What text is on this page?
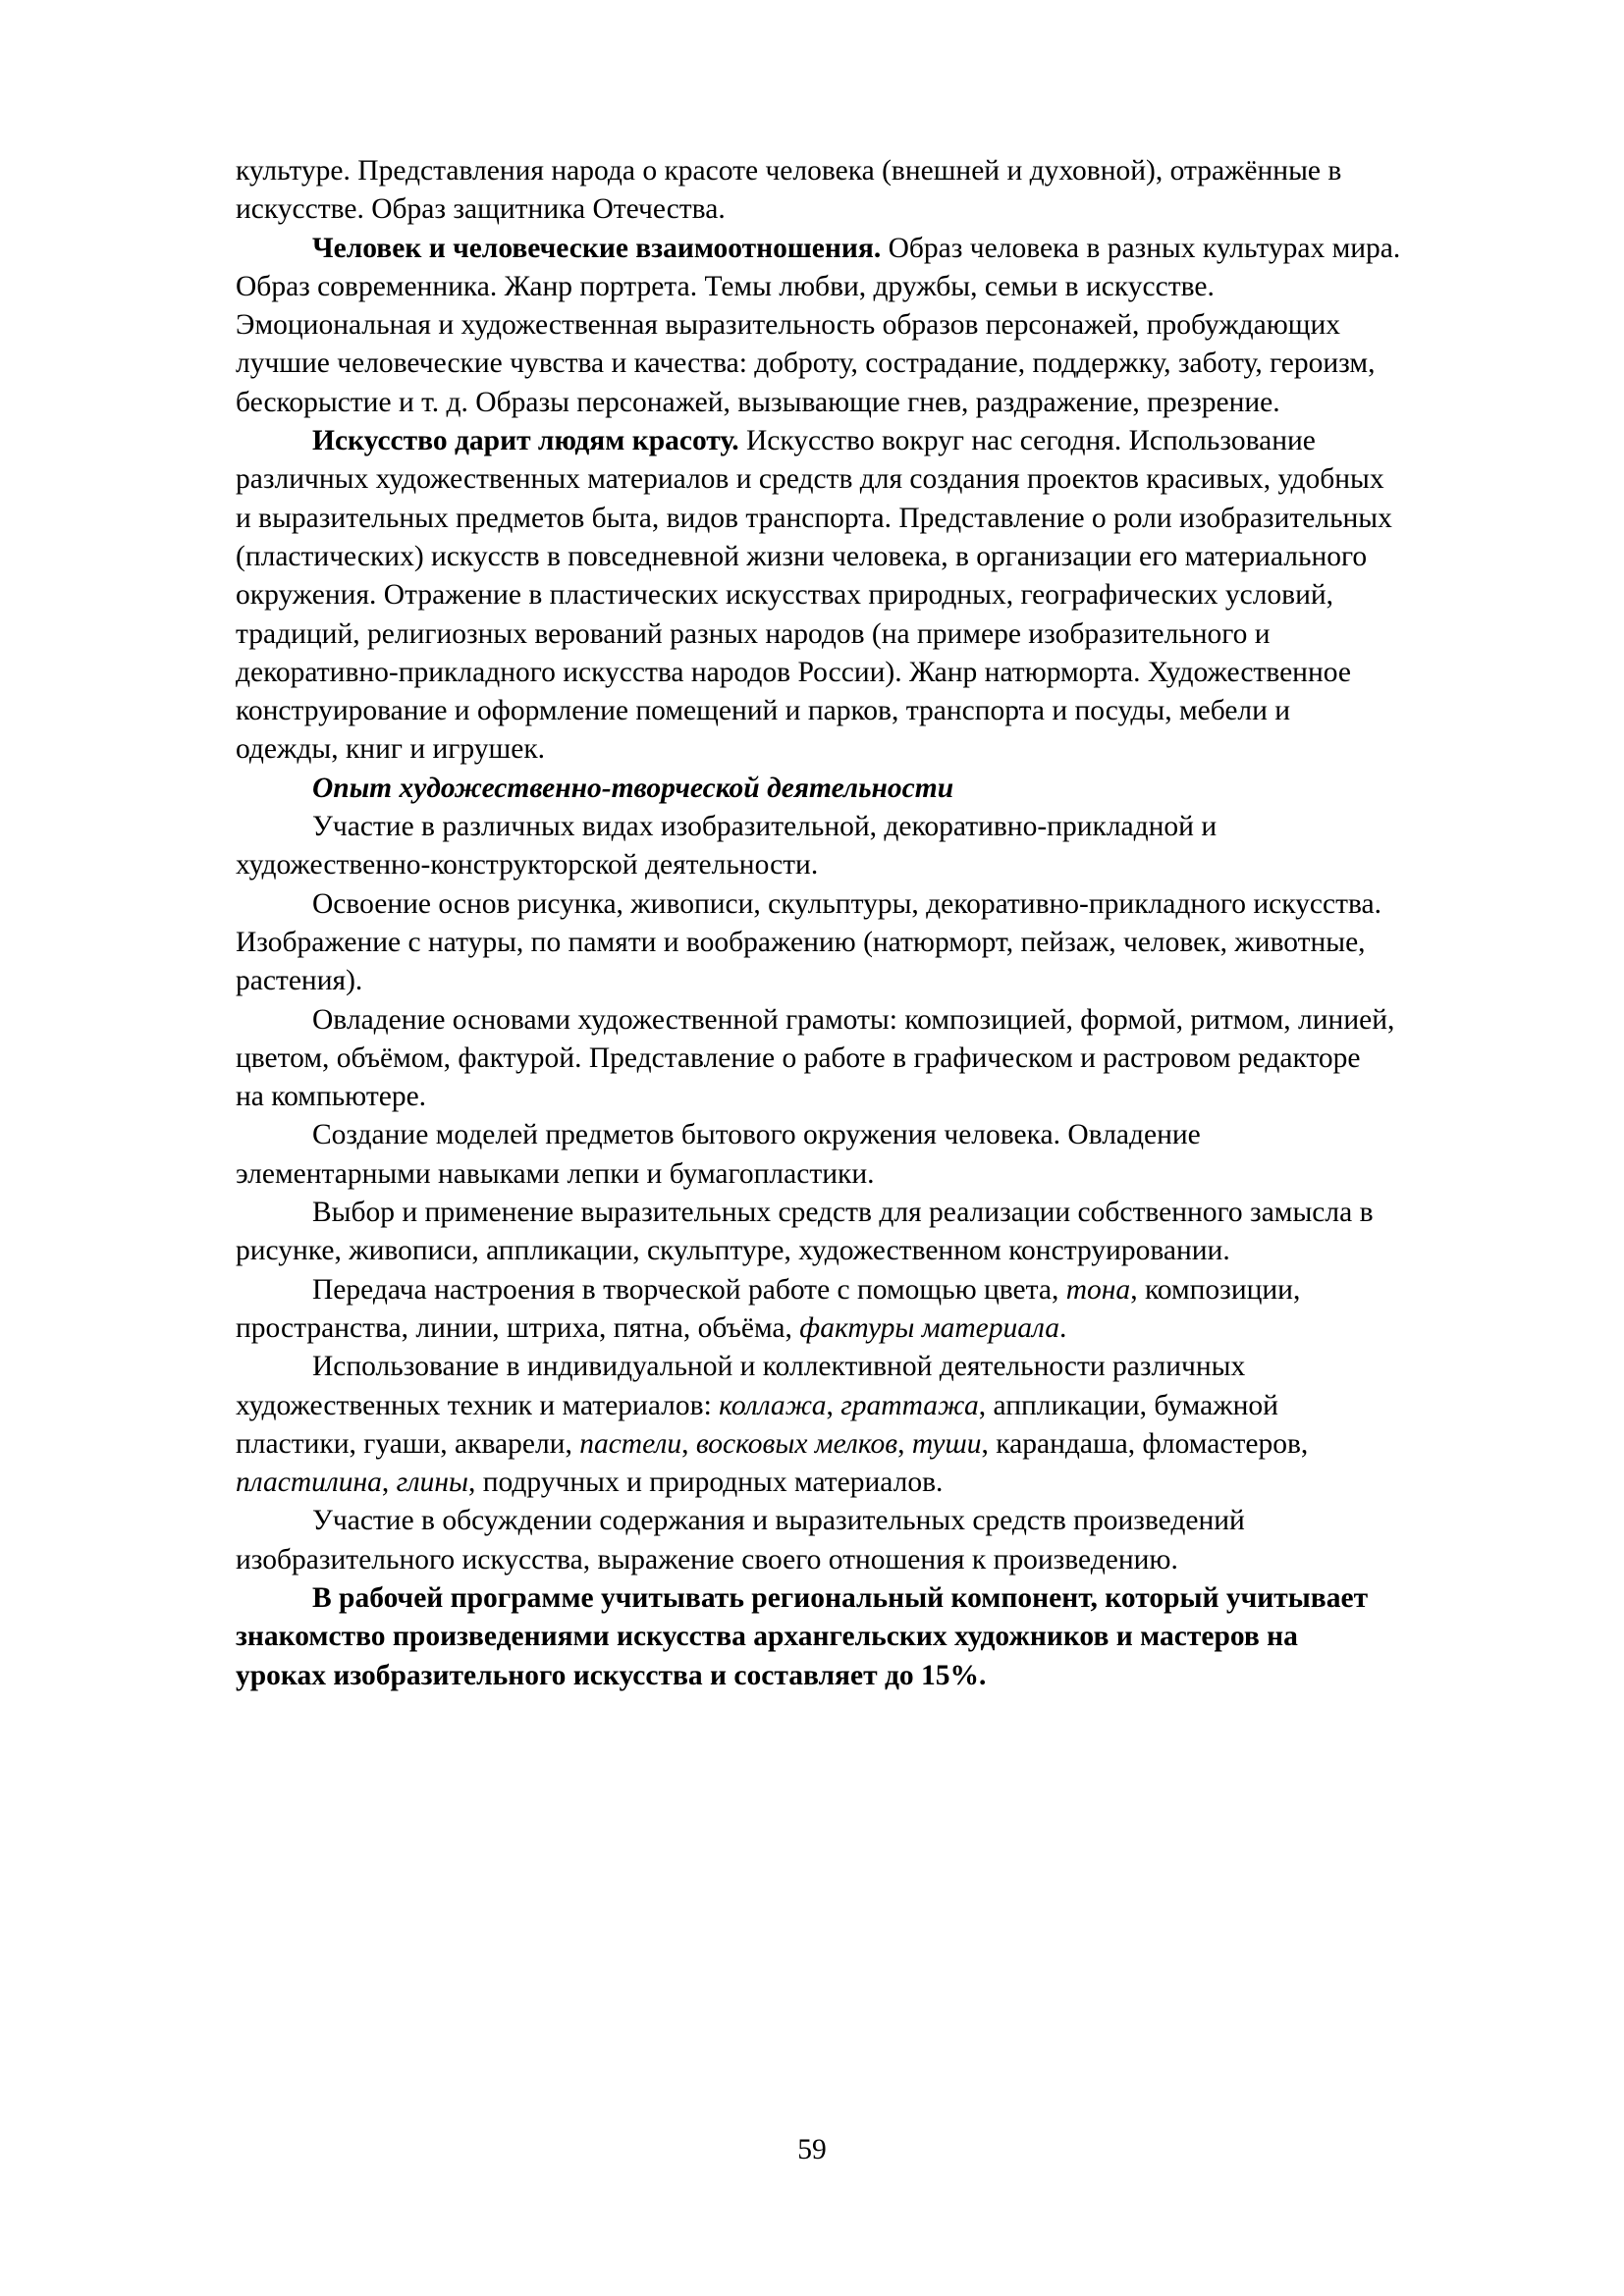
культуре. Представления народа о красоте человека (внешней и духовной), отражённые в
искусстве. Образ защитника Отечества.
Человек и человеческие взаимоотношения. Образ человека в разных культурах мира.
Образ современника. Жанр портрета. Темы любви, дружбы, семьи в искусстве.
Эмоциональная и художественная выразительность образов персонажей, пробуждающих
лучшие человеческие чувства и качества: доброту, сострадание, поддержку, заботу, героизм,
бескорыстие и т. д. Образы персонажей, вызывающие гнев, раздражение, презрение.
Искусство дарит людям красоту. Искусство вокруг нас сегодня. Использование
различных художественных материалов и средств для создания проектов красивых, удобных
и выразительных предметов быта, видов транспорта. Представление о роли изобразительных
(пластических) искусств в повседневной жизни человека, в организации его материального
окружения. Отражение в пластических искусствах природных, географических условий,
традиций, религиозных верований разных народов (на примере изобразительного и
декоративно-прикладного искусства народов России). Жанр натюрморта. Художественное
конструирование и оформление помещений и парков, транспорта и посуды, мебели и
одежды, книг и игрушек.
Опыт художественно-творческой деятельности
Участие в различных видах изобразительной, декоративно-прикладной и
художественно-конструкторской деятельности.
Освоение основ рисунка, живописи, скульптуры, декоративно-прикладного искусства.
Изображение с натуры, по памяти и воображению (натюрморт, пейзаж, человек, животные,
растения).
Овладение основами художественной грамоты: композицией, формой, ритмом, линией,
цветом, объёмом, фактурой. Представление о работе в графическом и растровом редакторе
на компьютере.
Создание моделей предметов бытового окружения человека. Овладение
элементарными навыками лепки и бумагопластики.
Выбор и применение выразительных средств для реализации собственного замысла в
рисунке, живописи, аппликации, скульптуре, художественном конструировании.
Передача настроения в творческой работе с помощью цвета, тона, композиции,
пространства, линии, штриха, пятна, объёма, фактуры материала.
Использование в индивидуальной и коллективной деятельности различных
художественных техник и материалов: коллажа, граттажа, аппликации, бумажной
пластики, гуаши, акварели, пастели, восковых мелков, туши, карандаша, фломастеров,
пластилина, глины, подручных и природных материалов.
Участие в обсуждении содержания и выразительных средств произведений
изобразительного искусства, выражение своего отношения к произведению.
В рабочей программе учитывать региональный компонент, который учитывает
знакомство произведениями искусства архангельских художников и мастеров на
уроках изобразительного искусства и составляет до 15%.
59
